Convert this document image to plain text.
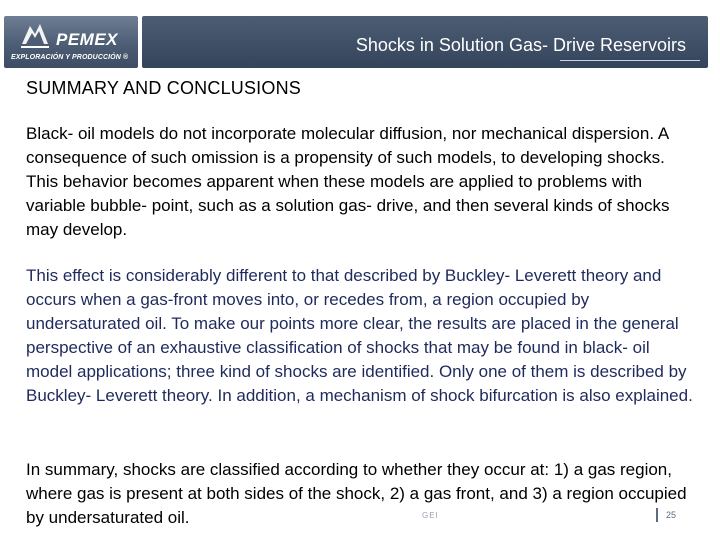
PEMEX
EXPLORACIÓN Y PRODUCCIÓN ®
Shocks in Solution Gas- Drive Reservoirs
SUMMARY AND CONCLUSIONS

Black- oil models do not incorporate molecular diffusion, nor mechanical dispersion. A consequence of such omission is a propensity of such models, to developing shocks. This behavior becomes apparent when these models are applied to problems with variable bubble- point, such as a solution gas- drive, and then several kinds of shocks may develop.

This effect is considerably different to that described by Buckley- Leverett theory and occurs when a gas-front moves into, or recedes from, a region occupied by undersaturated oil. To make our points more clear, the results are placed in the general perspective of an exhaustive classification of shocks that may be found in black- oil model applications; three kind of shocks are identified. Only one of them is described by Buckley- Leverett theory. In addition, a mechanism of shock bifurcation is also explained.

In summary, shocks are classified according to whether they occur at: 1) a gas region, where gas is present at both sides of the shock, 2) a gas front, and 3) a region occupied by undersaturated oil.	GEI	25
